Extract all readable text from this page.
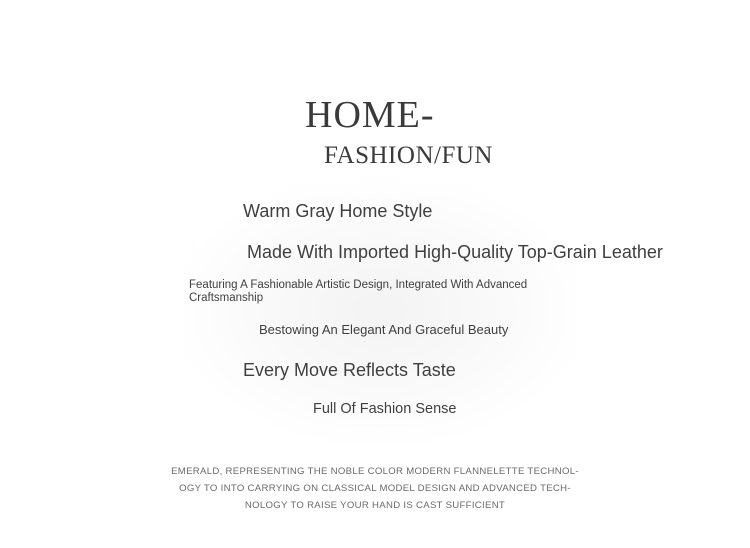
HOME-
FASHION/FUN
Warm Gray Home Style
Made With Imported High-Quality Top-Grain Leather
Featuring A Fashionable Artistic Design, Integrated With Advanced Craftsmanship
Bestowing An Elegant And Graceful Beauty
Every Move Reflects Taste
Full Of Fashion Sense
EMERALD, REPRESENTING THE NOBLE COLOR MODERN FLANNELETTE TECHNOL-
OGY TO INTO CARRYING ON CLASSICAL MODEL DESIGN AND ADVANCED TECH-
NOLOGY TO RAISE YOUR HAND IS CAST SUFFICIENT
